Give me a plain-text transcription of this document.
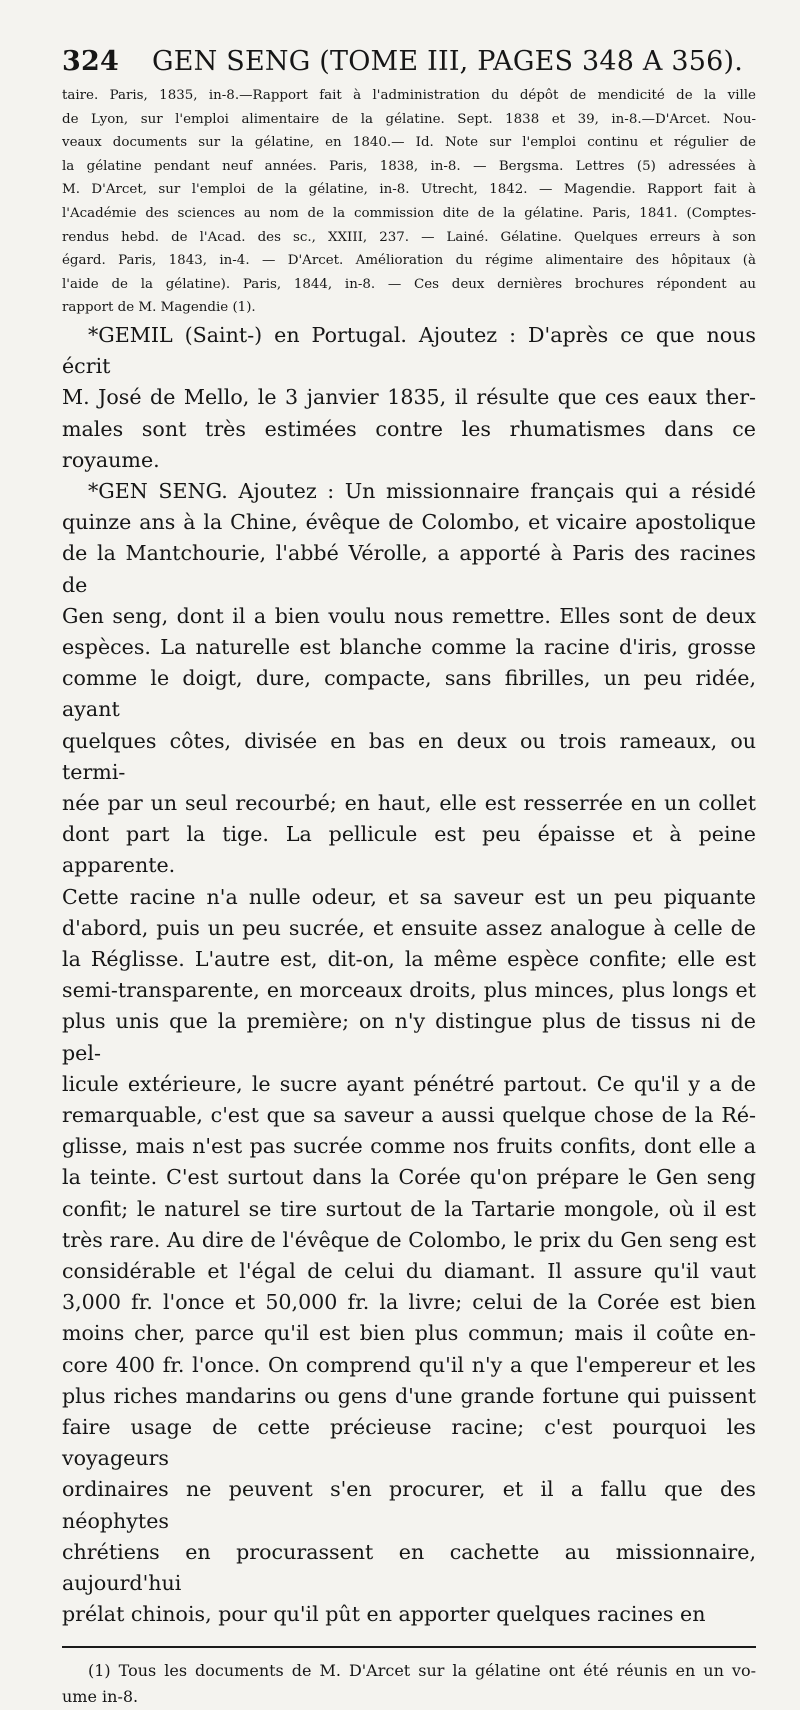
324	GEN SENG (TOME III, PAGES 348 A 356).

taire. Paris, 1835, in-8.—Rapport fait à l'administration du dépôt de mendicité de la ville

de Lyon, sur l'emploi alimentaire de la gélatine. Sept. 1838 et 39, in-8.—D'Arcet. Nou-

veaux documents sur la gélatine, en 1840.— Id. Note sur l'emploi continu et régulier de

la gélatine pendant neuf années. Paris, 1838, in-8. — Bergsma. Lettres (5) adressées à

M. D'Arcet, sur l'emploi de la gélatine, in-8. Utrecht, 1842. — Magendie. Rapport fait à

l'Académie des sciences au nom de la commission dite de la gélatine. Paris, 1841. (Comptes-

rendus hebd. de l'Acad. des sc., XXIII, 237. — Lainé. Gélatine. Quelques erreurs à son

égard. Paris, 1843, in-4. — D'Arcet. Amélioration du régime alimentaire des hôpitaux (à

l'aide de la gélatine). Paris, 1844, in-8. — Ces deux dernières brochures répondent au

rapport de M. Magendie (1).

*GEMIL (Saint-) en Portugal. Ajoutez : D'après ce que nous écrit

M. José de Mello, le 3 janvier 1835, il résulte que ces eaux ther-

males sont très estimées contre les rhumatismes dans ce royaume.

*GEN SENG. Ajoutez : Un missionnaire français qui a résidé

quinze ans à la Chine, évêque de Colombo, et vicaire apostolique

de la Mantchourie, l'abbé Vérolle, a apporté à Paris des racines de

Gen seng, dont il a bien voulu nous remettre. Elles sont de deux

espèces. La naturelle est blanche comme la racine d'iris, grosse

comme le doigt, dure, compacte, sans fibrilles, un peu ridée, ayant

quelques côtes, divisée en bas en deux ou trois rameaux, ou termi-

née par un seul recourbé; en haut, elle est resserrée en un collet

dont part la tige. La pellicule est peu épaisse et à peine apparente.

Cette racine n'a nulle odeur, et sa saveur est un peu piquante

d'abord, puis un peu sucrée, et ensuite assez analogue à celle de

la Réglisse. L'autre est, dit-on, la même espèce confite; elle est

semi-transparente, en morceaux droits, plus minces, plus longs et

plus unis que la première; on n'y distingue plus de tissus ni de pel-

licule extérieure, le sucre ayant pénétré partout. Ce qu'il y a de

remarquable, c'est que sa saveur a aussi quelque chose de la Ré-

glisse, mais n'est pas sucrée comme nos fruits confits, dont elle a

la teinte. C'est surtout dans la Corée qu'on prépare le Gen seng

confit; le naturel se tire surtout de la Tartarie mongole, où il est

très rare. Au dire de l'évêque de Colombo, le prix du Gen seng est

considérable et l'égal de celui du diamant. Il assure qu'il vaut

3,000 fr. l'once et 50,000 fr. la livre; celui de la Corée est bien

moins cher, parce qu'il est bien plus commun; mais il coûte en-

core 400 fr. l'once. On comprend qu'il n'y a que l'empereur et les

plus riches mandarins ou gens d'une grande fortune qui puissent

faire usage de cette précieuse racine; c'est pourquoi les voyageurs

ordinaires ne peuvent s'en procurer, et il a fallu que des néophytes

chrétiens en procurassent en cachette au missionnaire, aujourd'hui

prélat chinois, pour qu'il pût en apporter quelques racines en

(1) Tous les documents de M. D'Arcet sur la gélatine ont été réunis en un vo-

ume in-8.
